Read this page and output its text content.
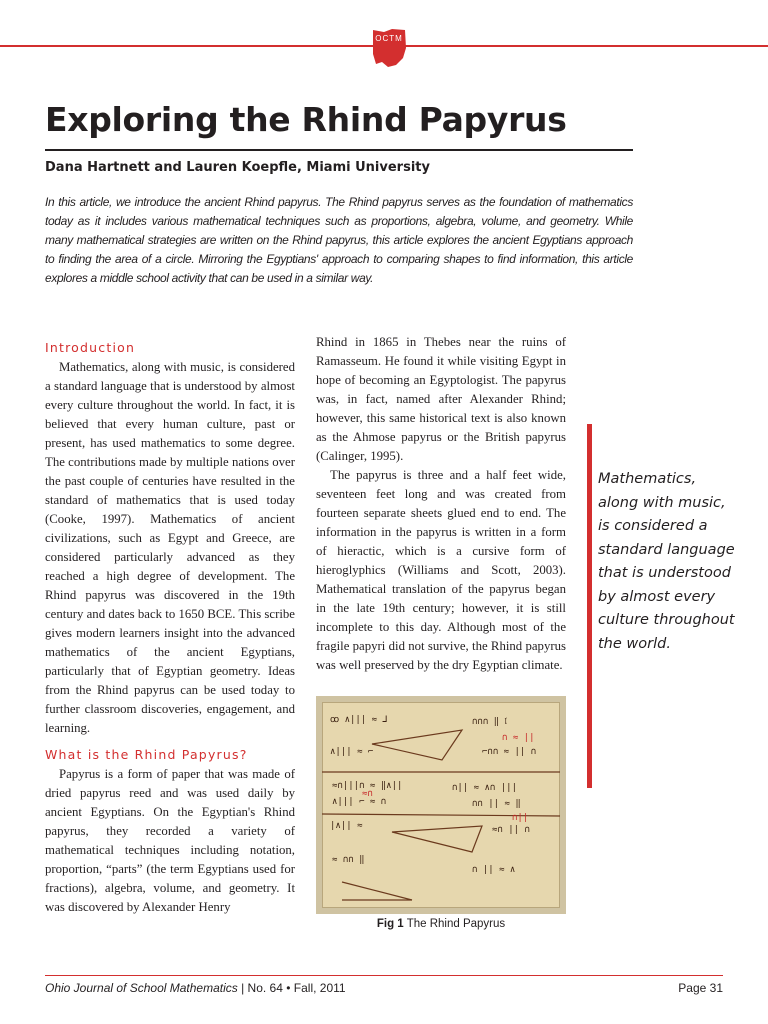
OCTM
Exploring the Rhind Papyrus
Dana Hartnett and Lauren Koepfle, Miami University

In this article, we introduce the ancient Rhind papyrus. The Rhind papyrus serves as the foundation of mathematics today as it includes various mathematical techniques such as proportions, algebra, volume, and geometry. While many mathematical strategies are written on the Rhind papyrus, this article explores the ancient Egyptians approach to finding the area of a circle. Mirroring the Egyptians' approach to comparing shapes to find information, this article explores a middle school activity that can be used in a similar way.

Introduction

Mathematics, along with music, is considered a standard language that is understood by almost every culture throughout the world. In fact, it is believed that every human culture, past or present, has used mathematics to some degree. The contributions made by multiple nations over the past couple of centuries have resulted in the standard of mathematics that is used today (Cooke, 1997). Mathematics of ancient civilizations, such as Egypt and Greece, are considered particularly advanced as they reached a high degree of development. The Rhind papyrus was discovered in the 19th century and dates back to 1650 BCE. This scribe gives modern learners insight into the advanced mathematics of the ancient Egyptians, particularly that of Egyptian geometry. Ideas from the Rhind papyrus can be used today to further classroom discoveries, engagement, and learning.

What is the Rhind Papyrus?

Papyrus is a form of paper that was made of dried papyrus reed and was used daily by ancient Egyptians. On the Egyptian's Rhind papyrus, they recorded a variety of mathematical techniques including notation, proportion, “parts” (the term Egyptians used for fractions), algebra, volume, and geometry. It was discovered by Alexander Henry

Rhind in 1865 in Thebes near the ruins of Ramasseum. He found it while visiting Egypt in hope of becoming an Egyptologist. The papyrus was, in fact, named after Alexander Rhind; however, this same historical text is also known as the Ahmose papyrus or the British papyrus (Calinger, 1995).

The papyrus is three and a half feet wide, seventeen feet long and was created from fourteen separate sheets glued end to end. The information in the papyrus is written in a form of hieractic, which is a cursive form of hieroglyphics (Williams and Scott, 2003). Mathematical translation of the papyrus began in the late 19th century; however, it is still incomplete to this day. Although most of the fragile papyri did not survive, the Rhind papyrus was well preserved by the dry Egyptian climate.

ꝏ ∧||| ≈ ⅃	∩∩∩ ‖ 𝔩
∧||| ≈ ⌐	⌐∩∩ ≈ || ∩
≈∩|||∩ ≈ ‖∧||	∩|| ≈ ∧∩ |||
∧||| ⌐ ≈ ∩	∩∩ || ≈ ‖
|∧|| ≈	≈∩ || ∩
≈ ∩∩ ‖
∩ || ≈ ∧
∩ ≈ ||
≈∩
∩||
Fig 1 The Rhind Papyrus
Mathematics, along with music, is considered a standard language that is understood by almost every culture throughout the world.
Ohio Journal of School Mathematics | No. 64 • Fall, 2011	Page 31
